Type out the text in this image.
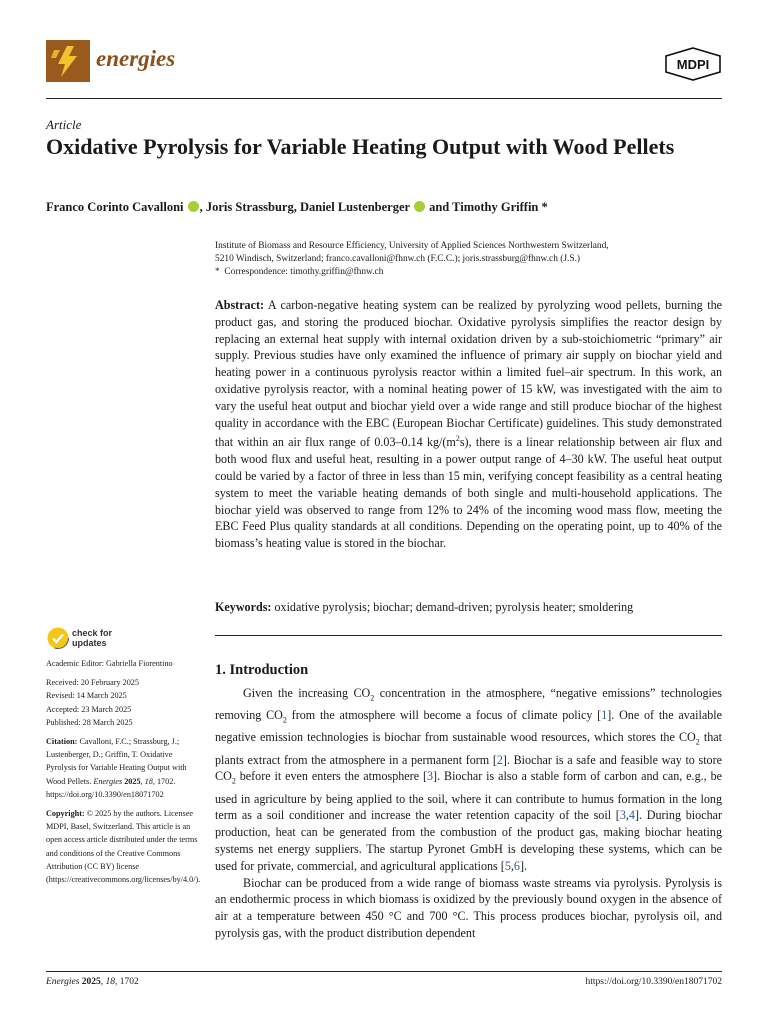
energies	MDPI
Article
Oxidative Pyrolysis for Variable Heating Output with Wood Pellets
Franco Corinto Cavalloni , Joris Strassburg, Daniel Lustenberger and Timothy Griffin *
Institute of Biomass and Resource Efficiency, University of Applied Sciences Northwestern Switzerland,
5210 Windisch, Switzerland; franco.cavalloni@fhnw.ch (F.C.C.); joris.strassburg@fhnw.ch (J.S.)
* Correspondence: timothy.griffin@fhnw.ch

Abstract: A carbon-negative heating system can be realized by pyrolyzing wood pellets, burning the product gas, and storing the produced biochar. Oxidative pyrolysis simplifies the reactor design by replacing an external heat supply with internal oxidation driven by a sub-stoichiometric “primary” air supply. Previous studies have only examined the influence of primary air supply on biochar yield and heating power in a continuous pyrolysis reactor within a limited fuel–air spectrum. In this work, an oxidative pyrolysis reactor, with a nominal heating power of 15 kW, was investigated with the aim to vary the useful heat output and biochar yield over a wide range and still produce biochar of the highest quality in accordance with the EBC (European Biochar Certificate) guidelines. This study demonstrated that within an air flux range of 0.03–0.14 $kg/(m^2s)$, there is a linear relationship between air flux and both wood flux and useful heat, resulting in a power output range of 4–30 kW. The useful heat output could be varied by a factor of three in less than 15 min, verifying concept feasibility as a central heating system to meet the variable heating demands of both single and multi-household applications. The biochar yield was observed to range from 12% to 24% of the incoming wood mass flow, meeting the EBC Feed Plus quality standards at all conditions. Depending on the operating point, up to 40% of the biomass’s heating value is stored in the biochar.

Keywords: oxidative pyrolysis; biochar; demand-driven; pyrolysis heater; smoldering

check for
updates

Academic Editor: Gabriella Fiorentino

Received: 20 February 2025

Revised: 14 March 2025

Accepted: 23 March 2025

Published: 28 March 2025

Citation: Cavalloni, F.C.; Strassburg, J.; Lustenberger, D.; Griffin, T. Oxidative Pyrolysis for Variable Heating Output with Wood Pellets. Energies 2025, 18, 1702. https://doi.org/10.3390/en18071702

Copyright: © 2025 by the authors. Licensee MDPI, Basel, Switzerland. This article is an open access article distributed under the terms and conditions of the Creative Commons Attribution (CC BY) license (https://creativecommons.org/licenses/by/4.0/).

1. Introduction

Given the increasing $CO_2$ concentration in the atmosphere, “negative emissions” technologies removing $CO_2$ from the atmosphere will become a focus of climate policy [1]. One of the available negative emission technologies is biochar from sustainable wood resources, which stores the $CO_2$ that plants extract from the atmosphere in a permanent form [2]. Biochar is a safe and feasible way to store $CO_2$ before it even enters the atmosphere [3]. Biochar is also a stable form of carbon and can, e.g., be used in agriculture by being applied to the soil, where it can contribute to humus formation in the long term as a soil conditioner and increase the water retention capacity of the soil [3,4]. During biochar production, heat can be generated from the combustion of the product gas, making biochar heating systems net energy suppliers. The startup Pyronet GmbH is developing these systems, which can be used for private, commercial, and agricultural applications [5,6].

Biochar can be produced from a wide range of biomass waste streams via pyrolysis. Pyrolysis is an endothermic process in which biomass is oxidized by the previously bound oxygen in the absence of air at a temperature between 450 °C and 700 °C. This process produces biochar, pyrolysis oil, and pyrolysis gas, with the product distribution dependent

Energies 2025, 18, 1702	https://doi.org/10.3390/en18071702
